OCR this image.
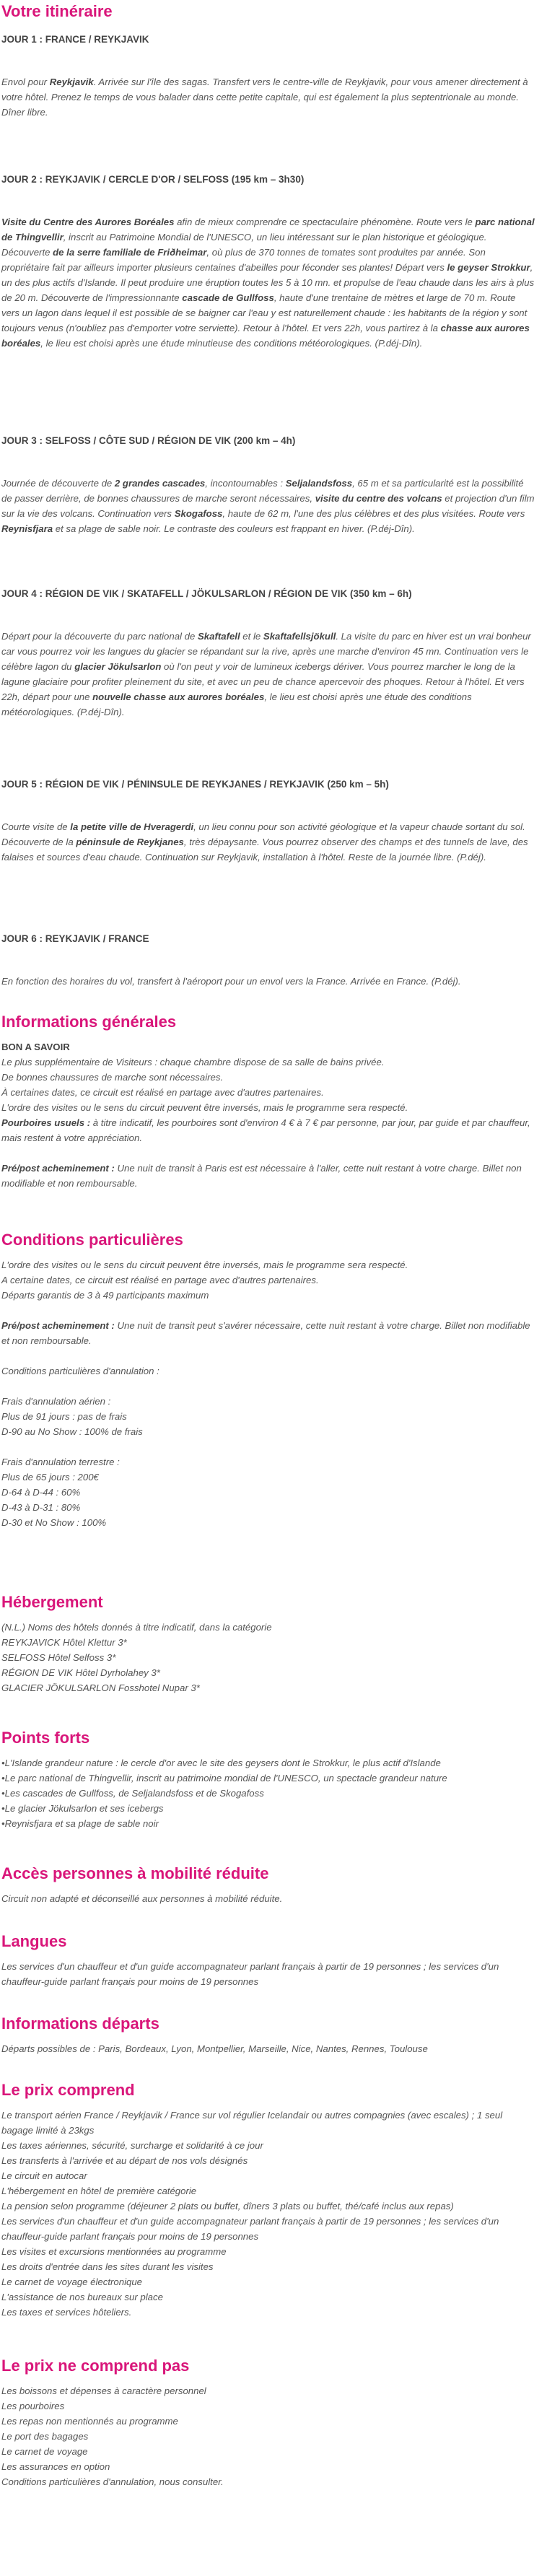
Votre itinéraire
JOUR 1 : FRANCE / REYKJAVIK

Envol pour Reykjavik. Arrivée sur l'île des sagas. Transfert vers le centre-ville de Reykjavik, pour vous amener directement à votre hôtel. Prenez le temps de vous balader dans cette petite capitale, qui est également la plus septentrionale au monde. Dîner libre.

JOUR 2 : REYKJAVIK / CERCLE D'OR / SELFOSS (195 km – 3h30)

Visite du Centre des Aurores Boréales afin de mieux comprendre ce spectaculaire phénomène. Route vers le parc national de Thingvellir, inscrit au Patrimoine Mondial de l'UNESCO, un lieu intéressant sur le plan historique et géologique. Découverte de la serre familiale de Friðheimar, où plus de 370 tonnes de tomates sont produites par année. Son propriétaire fait par ailleurs importer plusieurs centaines d'abeilles pour féconder ses plantes! Départ vers le geyser Strokkur, un des plus actifs d'Islande. Il peut produire une éruption toutes les 5 à 10 mn. et propulse de l'eau chaude dans les airs à plus de 20 m. Découverte de l'impressionnante cascade de Gullfoss, haute d'une trentaine de mètres et large de 70 m. Route vers un lagon dans lequel il est possible de se baigner car l'eau y est naturellement chaude : les habitants de la région y sont toujours venus (n'oubliez pas d'emporter votre serviette). Retour à l'hôtel. Et vers 22h, vous partirez à la chasse aux aurores boréales, le lieu est choisi après une étude minutieuse des conditions météorologiques. (P.déj-Dîn).

JOUR 3 : SELFOSS / CÔTE SUD / RÉGION DE VIK (200 km – 4h)

Journée de découverte de 2 grandes cascades, incontournables : Seljalandsfoss, 65 m et sa particularité est la possibilité de passer derrière, de bonnes chaussures de marche seront nécessaires, visite du centre des volcans et projection d'un film sur la vie des volcans. Continuation vers Skogafoss, haute de 62 m, l'une des plus célèbres et des plus visitées. Route vers Reynisfjara et sa plage de sable noir. Le contraste des couleurs est frappant en hiver. (P.déj-Dîn).

JOUR 4 : RÉGION DE VIK / SKATAFELL / JÖKULSARLON / RÉGION DE VIK (350 km – 6h)

Départ pour la découverte du parc national de Skaftafell et le Skaftafellsjökull. La visite du parc en hiver est un vrai bonheur car vous pourrez voir les langues du glacier se répandant sur la rive, après une marche d'environ 45 mn. Continuation vers le célèbre lagon du glacier Jökulsarlon où l'on peut y voir de lumineux icebergs dériver. Vous pourrez marcher le long de la lagune glaciaire pour profiter pleinement du site, et avec un peu de chance apercevoir des phoques. Retour à l'hôtel. Et vers 22h, départ pour une nouvelle chasse aux aurores boréales, le lieu est choisi après une étude des conditions météorologiques. (P.déj-Dîn).

JOUR 5 : RÉGION DE VIK / PÉNINSULE DE REYKJANES / REYKJAVIK (250 km – 5h)

Courte visite de la petite ville de Hveragerdi, un lieu connu pour son activité géologique et la vapeur chaude sortant du sol. Découverte de la péninsule de Reykjanes, très dépaysante. Vous pourrez observer des champs et des tunnels de lave, des falaises et sources d'eau chaude. Continuation sur Reykjavik, installation à l'hôtel. Reste de la journée libre. (P.déj).

JOUR 6 : REYKJAVIK / FRANCE

En fonction des horaires du vol, transfert à l'aéroport pour un envol vers la France. Arrivée en France. (P.déj).

Informations générales
BON A SAVOIR
Le plus supplémentaire de Visiteurs : chaque chambre dispose de sa salle de bains privée.
De bonnes chaussures de marche sont nécessaires.
À certaines dates, ce circuit est réalisé en partage avec d'autres partenaires.
L'ordre des visites ou le sens du circuit peuvent être inversés, mais le programme sera respecté.
Pourboires usuels : à titre indicatif, les pourboires sont d'environ 4 € à 7 € par personne, par jour, par guide et par chauffeur, mais restent à votre appréciation.
Pré/post acheminement : Une nuit de transit à Paris est est nécessaire à l'aller, cette nuit restant à votre charge. Billet non modifiable et non remboursable.
Conditions particulières
L'ordre des visites ou le sens du circuit peuvent être inversés, mais le programme sera respecté.
A certaine dates, ce circuit est réalisé en partage avec d'autres partenaires.
Départs garantis de 3 à 49 participants maximum
Pré/post acheminement : Une nuit de transit peut s'avérer nécessaire, cette nuit restant à votre charge. Billet non modifiable et non remboursable.
Conditions particulières d'annulation :
Frais d'annulation aérien :
Plus de 91 jours : pas de frais
D-90 au No Show : 100% de frais
Frais d'annulation terrestre :
Plus de 65 jours : 200€
D-64 à D-44 : 60%
D-43 à D-31 : 80%
D-30 et No Show : 100%
Hébergement
(N.L.) Noms des hôtels donnés à titre indicatif, dans la catégorie
REYKJAVICK Hôtel Klettur 3*
SELFOSS Hôtel Selfoss 3*
RÉGION DE VIK Hôtel Dyrholahey 3*
GLACIER JÖKULSARLON Fosshotel Nupar 3*
Points forts
•L'Islande grandeur nature : le cercle d'or avec le site des geysers dont le Strokkur, le plus actif d'Islande
•Le parc national de Thingvellir, inscrit au patrimoine mondial de l'UNESCO, un spectacle grandeur nature
•Les cascades de Gullfoss, de Seljalandsfoss et de Skogafoss
•Le glacier Jökulsarlon et ses icebergs
•Reynisfjara et sa plage de sable noir
Accès personnes à mobilité réduite

Circuit non adapté et déconseillé aux personnes à mobilité réduite.

Langues

Les services d'un chauffeur et d'un guide accompagnateur parlant français à partir de 19 personnes ; les services d'un chauffeur-guide parlant français pour moins de 19 personnes

Informations départs

Départs possibles de : Paris, Bordeaux, Lyon, Montpellier, Marseille, Nice, Nantes, Rennes, Toulouse

Le prix comprend
Le transport aérien France / Reykjavik / France sur vol régulier Icelandair ou autres compagnies (avec escales) ; 1 seul bagage limité à 23kgs
Les taxes aériennes, sécurité, surcharge et solidarité à ce jour
Les transferts à l'arrivée et au départ de nos vols désignés
Le circuit en autocar
L'hébergement en hôtel de première catégorie
La pension selon programme (déjeuner 2 plats ou buffet, dîners 3 plats ou buffet, thé/café inclus aux repas)
Les services d'un chauffeur et d'un guide accompagnateur parlant français à partir de 19 personnes ; les services d'un chauffeur-guide parlant français pour moins de 19 personnes
Les visites et excursions mentionnées au programme
Les droits d'entrée dans les sites durant les visites
Le carnet de voyage électronique
L'assistance de nos bureaux sur place
Les taxes et services hôteliers.
Le prix ne comprend pas
Les boissons et dépenses à caractère personnel
Les pourboires
Les repas non mentionnés au programme
Le port des bagages
Le carnet de voyage
Les assurances en option
Conditions particulières d'annulation, nous consulter.
